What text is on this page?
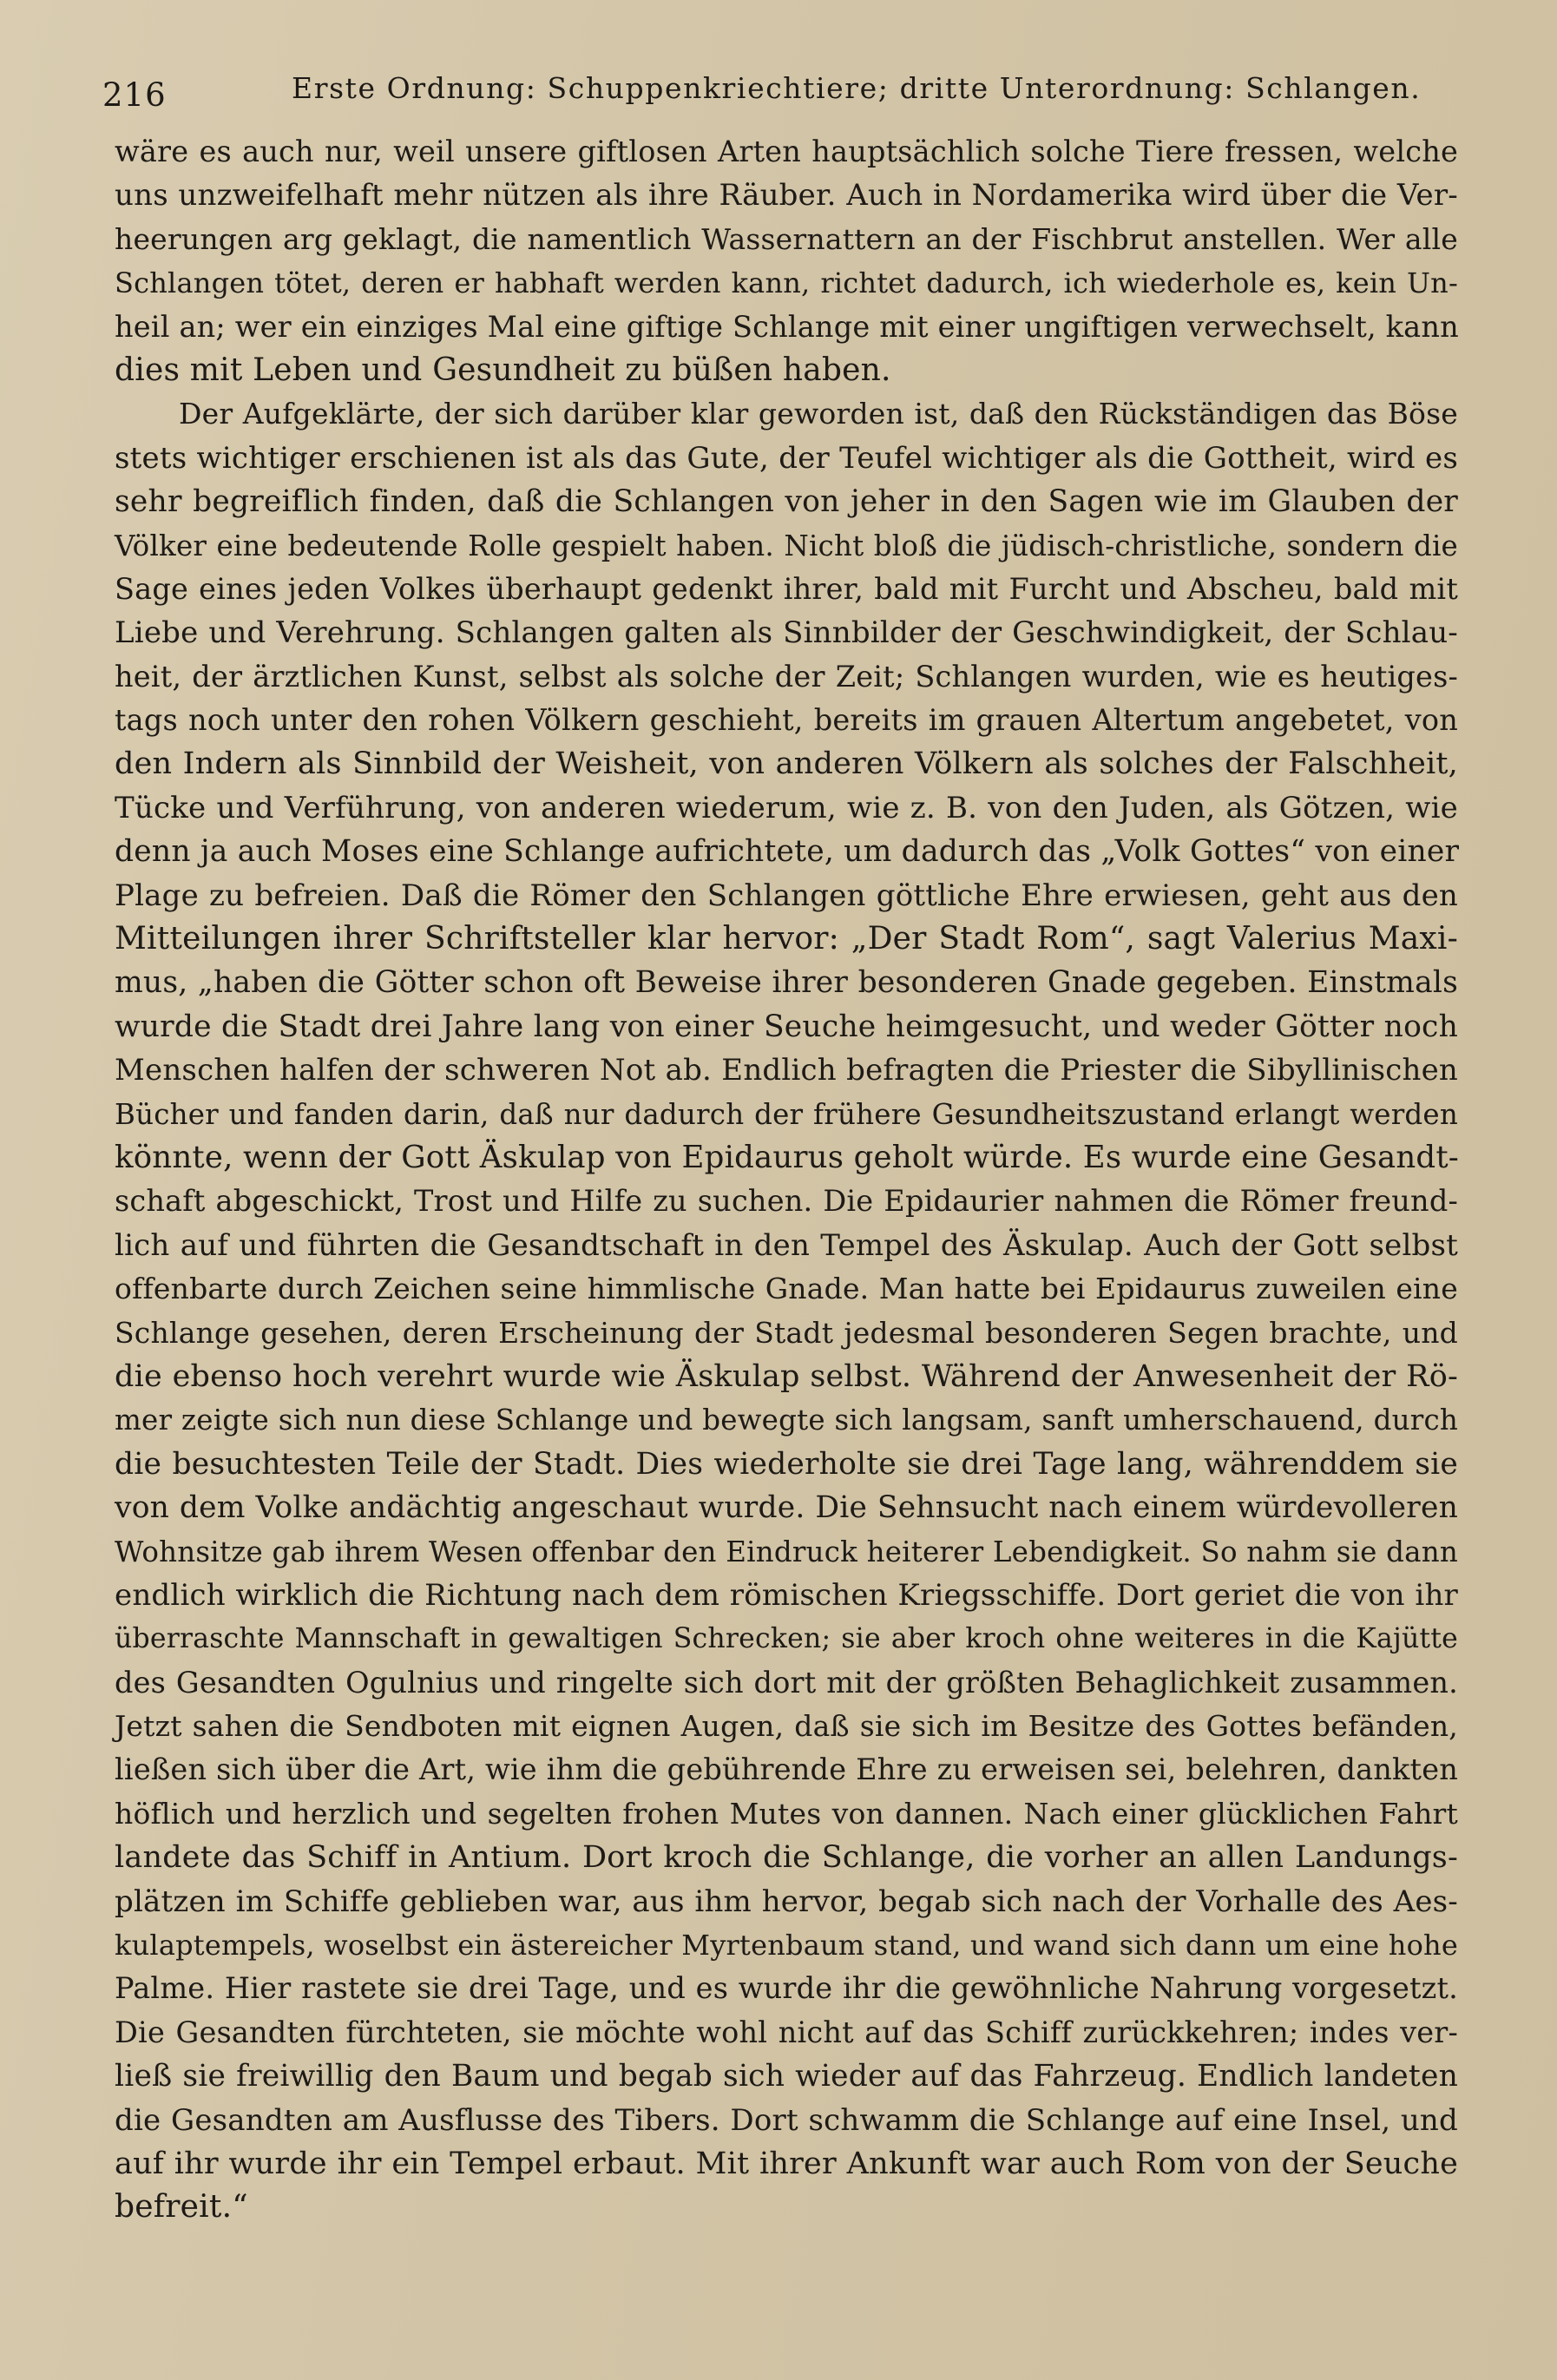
216	Erste Ordnung: Schuppenkriechtiere; dritte Unterordnung: Schlangen.
wäre es auch nur, weil unsere giftlosen Arten hauptsächlich solche Tiere fressen, welche
uns unzweifelhaft mehr nützen als ihre Räuber. Auch in Nordamerika wird über die Ver-
heerungen arg geklagt, die namentlich Wassernattern an der Fischbrut anstellen. Wer alle
Schlangen tötet, deren er habhaft werden kann, richtet dadurch, ich wiederhole es, kein Un-
heil an; wer ein einziges Mal eine giftige Schlange mit einer ungiftigen verwechselt, kann
dies mit Leben und Gesundheit zu büßen haben.
Der Aufgeklärte, der sich darüber klar geworden ist, daß den Rückständigen das Böse
stets wichtiger erschienen ist als das Gute, der Teufel wichtiger als die Gottheit, wird es
sehr begreiflich finden, daß die Schlangen von jeher in den Sagen wie im Glauben der
Völker eine bedeutende Rolle gespielt haben. Nicht bloß die jüdisch-christliche, sondern die
Sage eines jeden Volkes überhaupt gedenkt ihrer, bald mit Furcht und Abscheu, bald mit
Liebe und Verehrung. Schlangen galten als Sinnbilder der Geschwindigkeit, der Schlau-
heit, der ärztlichen Kunst, selbst als solche der Zeit; Schlangen wurden, wie es heutiges-
tags noch unter den rohen Völkern geschieht, bereits im grauen Altertum angebetet, von
den Indern als Sinnbild der Weisheit, von anderen Völkern als solches der Falschheit,
Tücke und Verführung, von anderen wiederum, wie z. B. von den Juden, als Götzen, wie
denn ja auch Moses eine Schlange aufrichtete, um dadurch das „Volk Gottes“ von einer
Plage zu befreien. Daß die Römer den Schlangen göttliche Ehre erwiesen, geht aus den
Mitteilungen ihrer Schriftsteller klar hervor: „Der Stadt Rom“, sagt Valerius Maxi-
mus, „haben die Götter schon oft Beweise ihrer besonderen Gnade gegeben. Einstmals
wurde die Stadt drei Jahre lang von einer Seuche heimgesucht, und weder Götter noch
Menschen halfen der schweren Not ab. Endlich befragten die Priester die Sibyllinischen
Bücher und fanden darin, daß nur dadurch der frühere Gesundheitszustand erlangt werden
könnte, wenn der Gott Äskulap von Epidaurus geholt würde. Es wurde eine Gesandt-
schaft abgeschickt, Trost und Hilfe zu suchen. Die Epidaurier nahmen die Römer freund-
lich auf und führten die Gesandtschaft in den Tempel des Äskulap. Auch der Gott selbst
offenbarte durch Zeichen seine himmlische Gnade. Man hatte bei Epidaurus zuweilen eine
Schlange gesehen, deren Erscheinung der Stadt jedesmal besonderen Segen brachte, und
die ebenso hoch verehrt wurde wie Äskulap selbst. Während der Anwesenheit der Rö-
mer zeigte sich nun diese Schlange und bewegte sich langsam, sanft umherschauend, durch
die besuchtesten Teile der Stadt. Dies wiederholte sie drei Tage lang, währenddem sie
von dem Volke andächtig angeschaut wurde. Die Sehnsucht nach einem würdevolleren
Wohnsitze gab ihrem Wesen offenbar den Eindruck heiterer Lebendigkeit. So nahm sie dann
endlich wirklich die Richtung nach dem römischen Kriegsschiffe. Dort geriet die von ihr
überraschte Mannschaft in gewaltigen Schrecken; sie aber kroch ohne weiteres in die Kajütte
des Gesandten Ogulnius und ringelte sich dort mit der größten Behaglichkeit zusammen.
Jetzt sahen die Sendboten mit eignen Augen, daß sie sich im Besitze des Gottes befänden,
ließen sich über die Art, wie ihm die gebührende Ehre zu erweisen sei, belehren, dankten
höflich und herzlich und segelten frohen Mutes von dannen. Nach einer glücklichen Fahrt
landete das Schiff in Antium. Dort kroch die Schlange, die vorher an allen Landungs-
plätzen im Schiffe geblieben war, aus ihm hervor, begab sich nach der Vorhalle des Aes-
kulaptempels, woselbst ein ästereicher Myrtenbaum stand, und wand sich dann um eine hohe
Palme. Hier rastete sie drei Tage, und es wurde ihr die gewöhnliche Nahrung vorgesetzt.
Die Gesandten fürchteten, sie möchte wohl nicht auf das Schiff zurückkehren; indes ver-
ließ sie freiwillig den Baum und begab sich wieder auf das Fahrzeug. Endlich landeten
die Gesandten am Ausflusse des Tibers. Dort schwamm die Schlange auf eine Insel, und
auf ihr wurde ihr ein Tempel erbaut. Mit ihrer Ankunft war auch Rom von der Seuche
befreit.“
